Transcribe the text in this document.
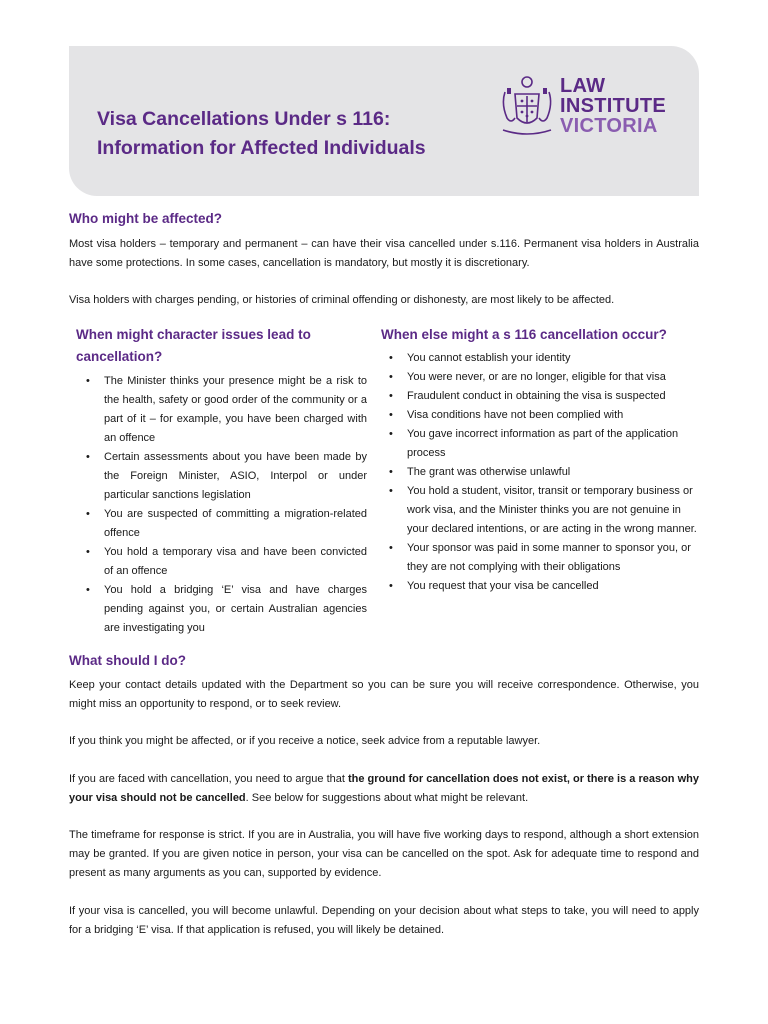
Visa Cancellations Under s 116:
Information for Affected Individuals
LAW
INSTITUTE
VICTORIA
Who might be affected?

Most visa holders – temporary and permanent – can have their visa cancelled under s.116. Permanent visa holders in Australia have some protections. In some cases, cancellation is mandatory, but mostly it is discretionary.

Visa holders with charges pending, or histories of criminal offending or dishonesty, are most likely to be affected.

When might character issues lead to
cancellation?
• The Minister thinks your presence might be a risk to the health, safety or good order of the community or a part of it – for example, you have been charged with an offence
• Certain assessments about you have been made by the Foreign Minister, ASIO, Interpol or under particular sanctions legislation
• You are suspected of committing a migration-related offence
• You hold a temporary visa and have been convicted of an offence
• You hold a bridging ‘E’ visa and have charges pending against you, or certain Australian agencies are investigating you
When else might a s 116 cancellation occur?
• You cannot establish your identity
• You were never, or are no longer, eligible for that visa
• Fraudulent conduct in obtaining the visa is suspected
• Visa conditions have not been complied with
• You gave incorrect information as part of the application process
• The grant was otherwise unlawful
• You hold a student, visitor, transit or temporary business or work visa, and the Minister thinks you are not genuine in your declared intentions, or are acting in the wrong manner.
• Your sponsor was paid in some manner to sponsor you, or they are not complying with their obligations
• You request that your visa be cancelled
What should I do?

Keep your contact details updated with the Department so you can be sure you will receive correspondence. Otherwise, you might miss an opportunity to respond, or to seek review.

If you think you might be affected, or if you receive a notice, seek advice from a reputable lawyer.

If you are faced with cancellation, you need to argue that the ground for cancellation does not exist, or there is a reason why your visa should not be cancelled. See below for suggestions about what might be relevant.

The timeframe for response is strict. If you are in Australia, you will have five working days to respond, although a short extension may be granted. If you are given notice in person, your visa can be cancelled on the spot. Ask for adequate time to respond and present as many arguments as you can, supported by evidence.

If your visa is cancelled, you will become unlawful. Depending on your decision about what steps to take, you will need to apply for a bridging ‘E’ visa. If that application is refused, you will likely be detained.
